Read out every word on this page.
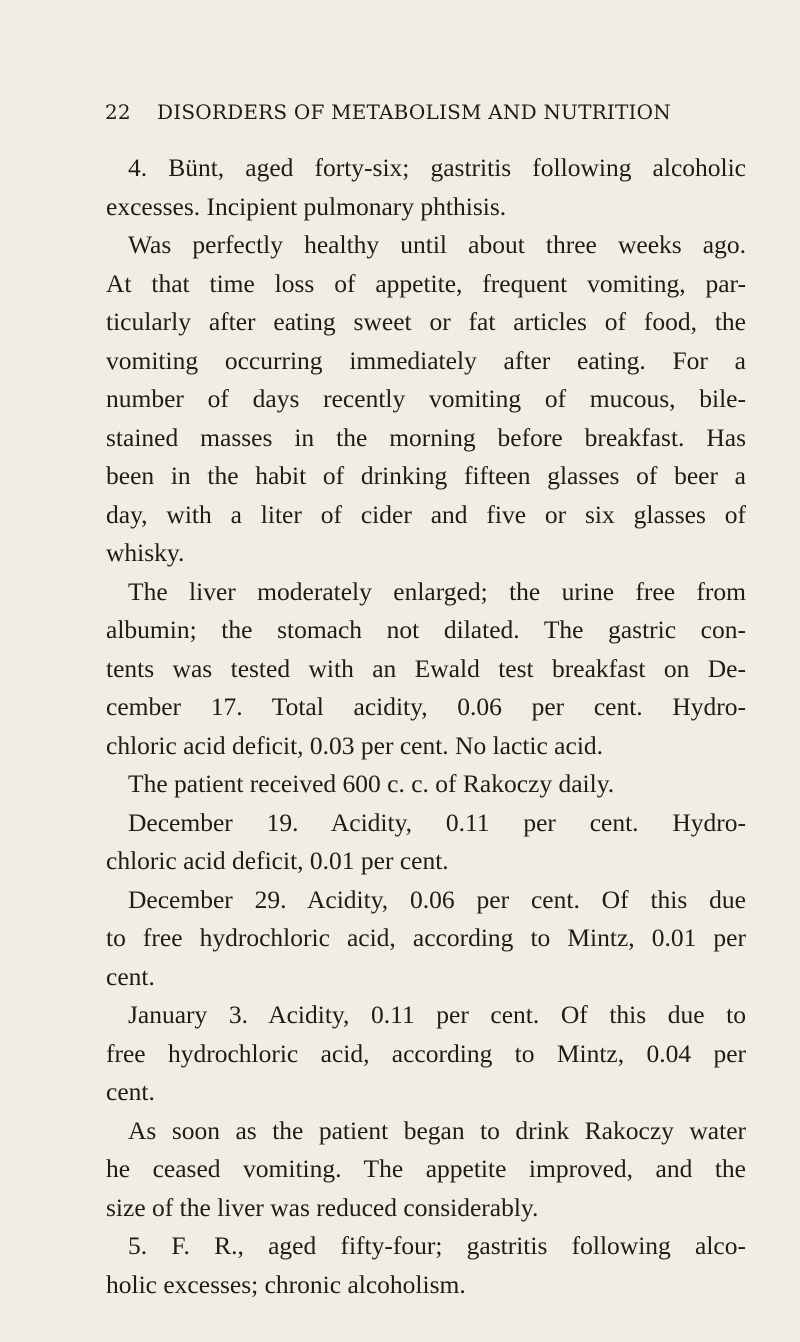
22 DISORDERS OF METABOLISM AND NUTRITION
4. Bünt, aged forty-six; gastritis following alcoholic
excesses. Incipient pulmonary phthisis.
Was perfectly healthy until about three weeks ago.
At that time loss of appetite, frequent vomiting, par-
ticularly after eating sweet or fat articles of food, the
vomiting occurring immediately after eating. For a
number of days recently vomiting of mucous, bile-
stained masses in the morning before breakfast. Has
been in the habit of drinking fifteen glasses of beer a
day, with a liter of cider and five or six glasses of
whisky.
The liver moderately enlarged; the urine free from
albumin; the stomach not dilated. The gastric con-
tents was tested with an Ewald test breakfast on De-
cember 17. Total acidity, 0.06 per cent. Hydro-
chloric acid deficit, 0.03 per cent. No lactic acid.
The patient received 600 c. c. of Rakoczy daily.
December 19. Acidity, 0.11 per cent. Hydro-
chloric acid deficit, 0.01 per cent.
December 29. Acidity, 0.06 per cent. Of this due
to free hydrochloric acid, according to Mintz, 0.01 per
cent.
January 3. Acidity, 0.11 per cent. Of this due to
free hydrochloric acid, according to Mintz, 0.04 per
cent.
As soon as the patient began to drink Rakoczy water
he ceased vomiting. The appetite improved, and the
size of the liver was reduced considerably.
5. F. R., aged fifty-four; gastritis following alco-
holic excesses; chronic alcoholism.
